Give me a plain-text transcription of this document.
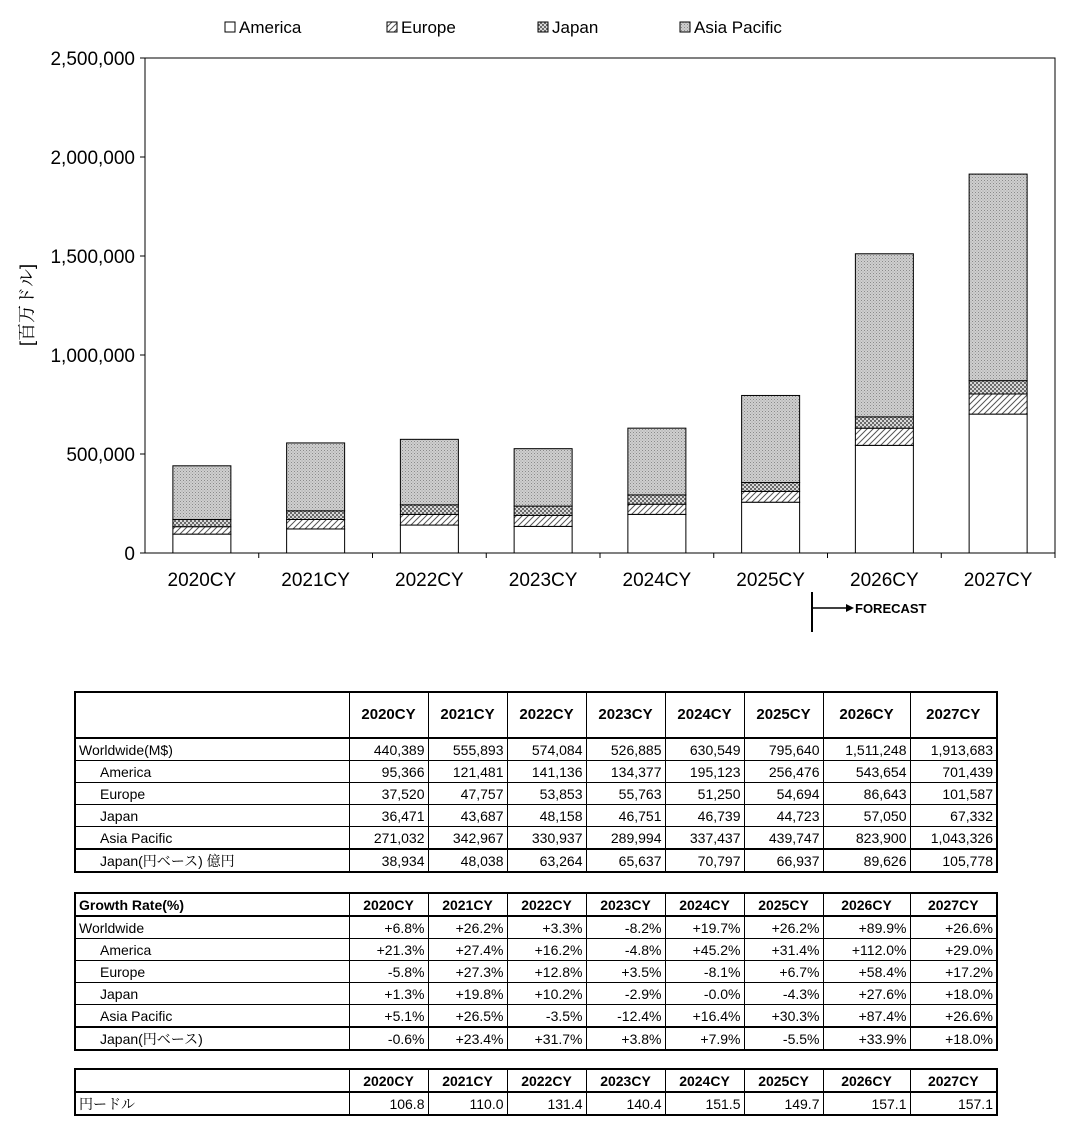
America	Europe	Japan	Asia Pacific
0
500,000
1,000,000
1,500,000
2,000,000
2,500,000
2020CY 2021CY 2022CY 2023CY 2024CY 2025CY 2026CY 2027CY
[百万ドル]
FORECAST
	2020CY	2021CY	2022CY	2023CY	2024CY	2025CY	2026CY	2027CY
Worldwide(M$)	440,389	555,893	574,084	526,885	630,549	795,640	1,511,248	1,913,683
America	95,366	121,481	141,136	134,377	195,123	256,476	543,654	701,439
Europe	37,520	47,757	53,853	55,763	51,250	54,694	86,643	101,587
Japan	36,471	43,687	48,158	46,751	46,739	44,723	57,050	67,332
Asia Pacific	271,032	342,967	330,937	289,994	337,437	439,747	823,900	1,043,326
Japan(円ベース) 億円	38,934	48,038	63,264	65,637	70,797	66,937	89,626	105,778
Growth Rate(%)	2020CY	2021CY	2022CY	2023CY	2024CY	2025CY	2026CY	2027CY
Worldwide	+6.8%	+26.2%	+3.3%	-8.2%	+19.7%	+26.2%	+89.9%	+26.6%
America	+21.3%	+27.4%	+16.2%	-4.8%	+45.2%	+31.4%	+112.0%	+29.0%
Europe	-5.8%	+27.3%	+12.8%	+3.5%	-8.1%	+6.7%	+58.4%	+17.2%
Japan	+1.3%	+19.8%	+10.2%	-2.9%	-0.0%	-4.3%	+27.6%	+18.0%
Asia Pacific	+5.1%	+26.5%	-3.5%	-12.4%	+16.4%	+30.3%	+87.4%	+26.6%
Japan(円ベース)	-0.6%	+23.4%	+31.7%	+3.8%	+7.9%	-5.5%	+33.9%	+18.0%
	2020CY	2021CY	2022CY	2023CY	2024CY	2025CY	2026CY	2027CY
円ードル	106.8	110.0	131.4	140.4	151.5	149.7	157.1	157.1
